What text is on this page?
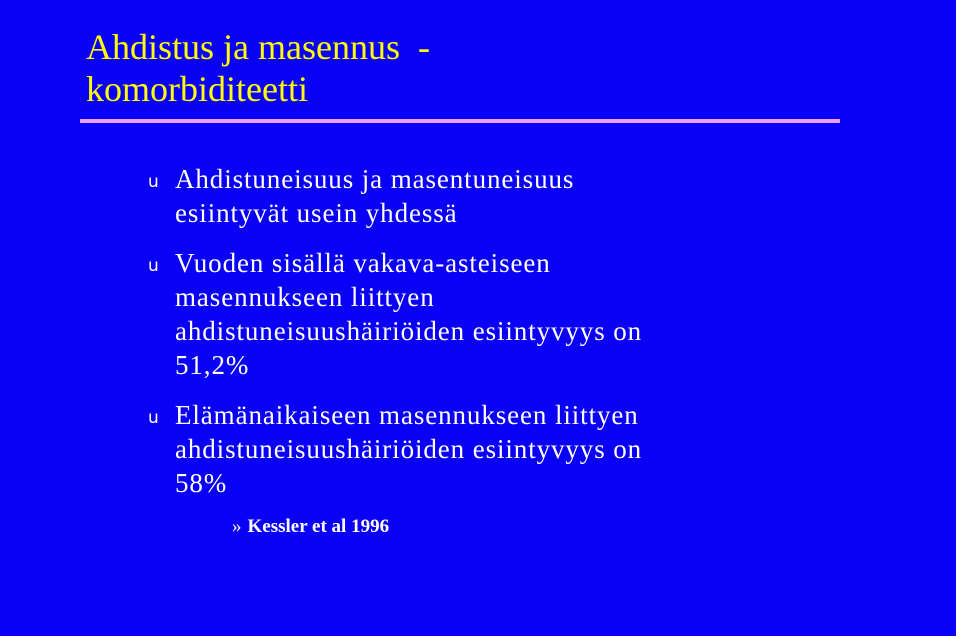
Ahdistus ja masennus  -
komorbiditeetti
u Ahdistuneisuus ja masentuneisuus
esiintyvät usein yhdessä
u Vuoden sisällä vakava-asteiseen
masennukseen liittyen
ahdistuneisuushäiriöiden esiintyvyys on
51,2%
u Elämänaikaiseen masennukseen liittyen
ahdistuneisuushäiriöiden esiintyvyys on
58%
» Kessler et al 1996
